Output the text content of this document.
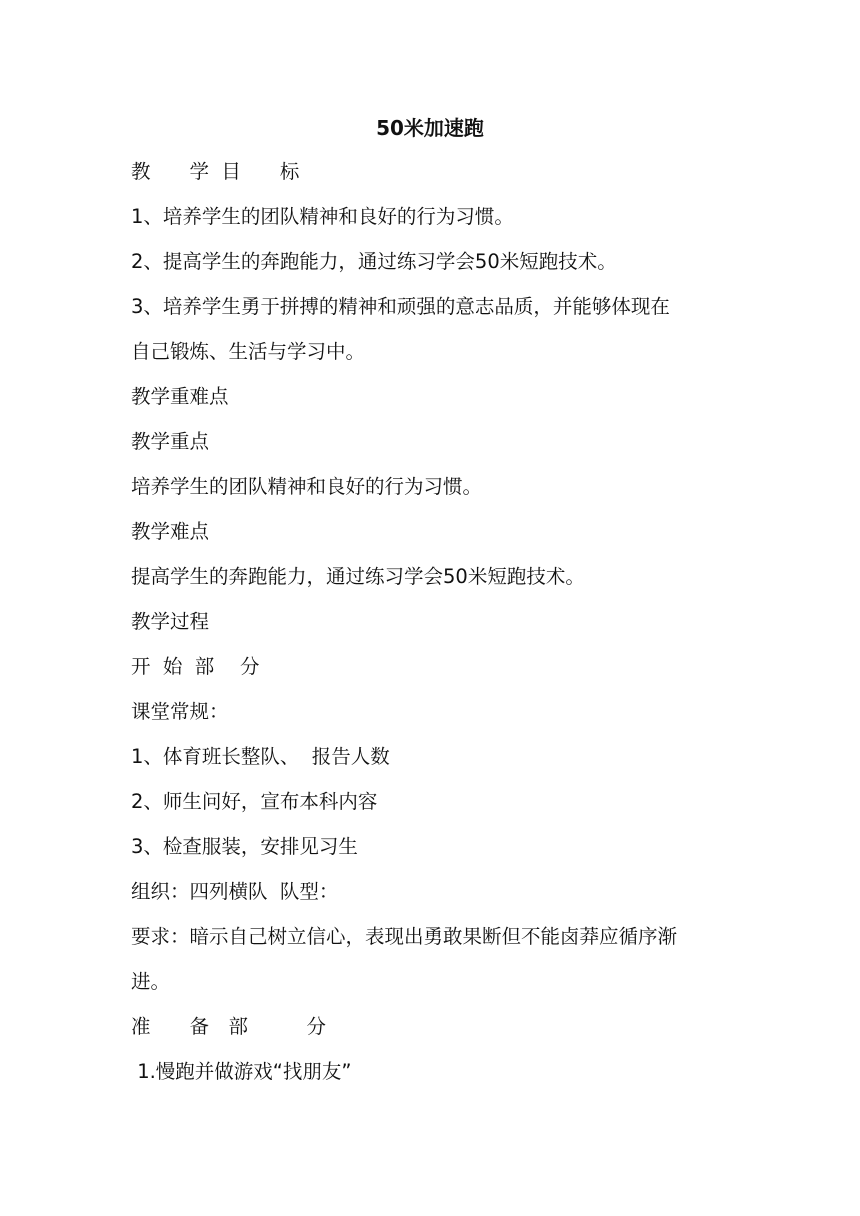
50米加速跑
教　　学  目　　标
1、培养学生的团队精神和良好的行为习惯。
2、提高学生的奔跑能力，通过练习学会50米短跑技术。
3、培养学生勇于拼搏的精神和顽强的意志品质，并能够体现在
自己锻炼、生活与学习中。
教学重难点
教学重点
培养学生的团队精神和良好的行为习惯。
教学难点
提高学生的奔跑能力，通过练习学会50米短跑技术。
教学过程
开  始  部　 分
课堂常规：
1、体育班长整队、  报告人数
2、师生问好，宣布本科内容
3、检查服装，安排见习生
组织：四列横队  队型：
要求：暗示自己树立信心，表现出勇敢果断但不能卤莽应循序渐
进。
准　　备　部　　　分
1.慢跑并做游戏“找朋友”
